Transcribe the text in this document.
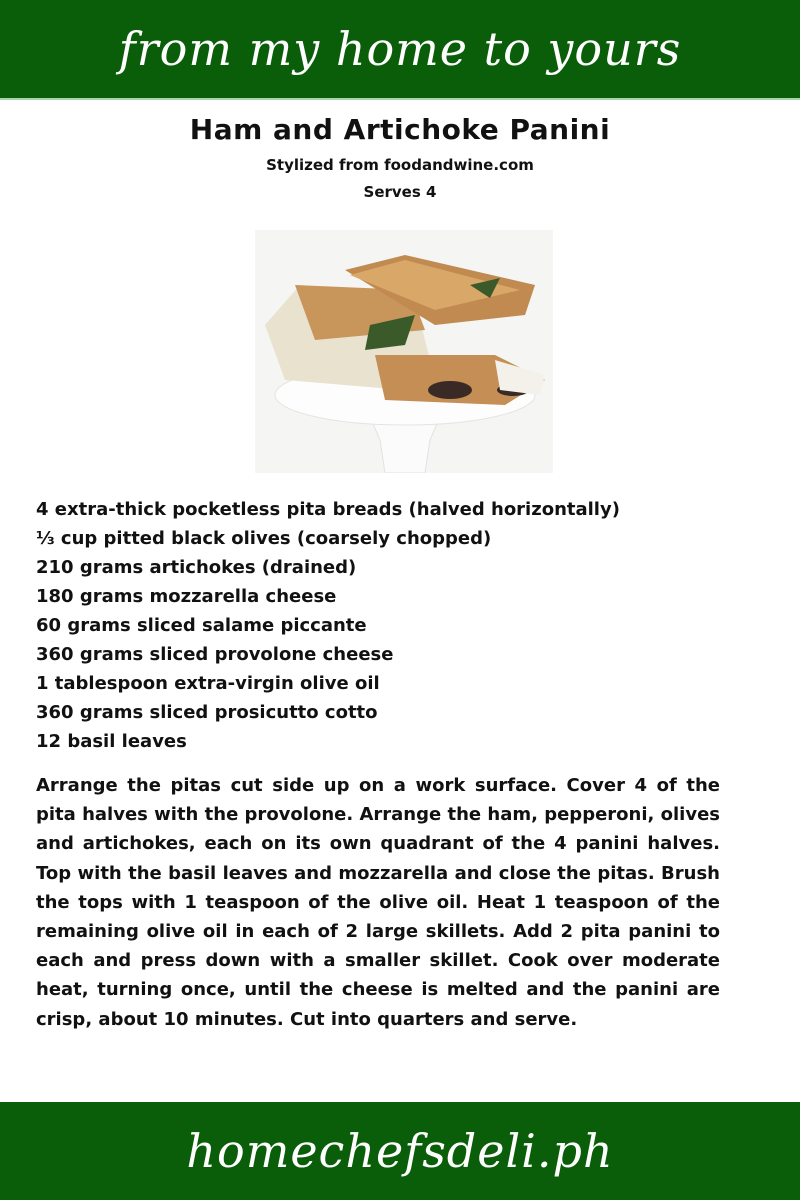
from my home to yours
Ham and Artichoke Panini
Stylized from foodandwine.com
Serves 4
4 extra-thick pocketless pita breads (halved horizontally)
⅓ cup pitted black olives (coarsely chopped)
210 grams artichokes (drained)
180 grams mozzarella cheese
60 grams sliced salame piccante
360 grams sliced provolone cheese
1 tablespoon extra-virgin olive oil
360 grams sliced prosicutto cotto
12 basil leaves

Arrange the pitas cut side up on a work surface. Cover 4 of the pita halves with the provolone. Arrange the ham, pepperoni, olives and artichokes, each on its own quadrant of the 4 panini halves. Top with the basil leaves and mozzarella and close the pitas. Brush the tops with 1 teaspoon of the olive oil. Heat 1 teaspoon of the remaining olive oil in each of 2 large skillets. Add 2 pita panini to each and press down with a smaller skillet. Cook over moderate heat, turning once, until the cheese is melted and the panini are crisp, about 10 minutes. Cut into quarters and serve.

homechefsdeli.ph
